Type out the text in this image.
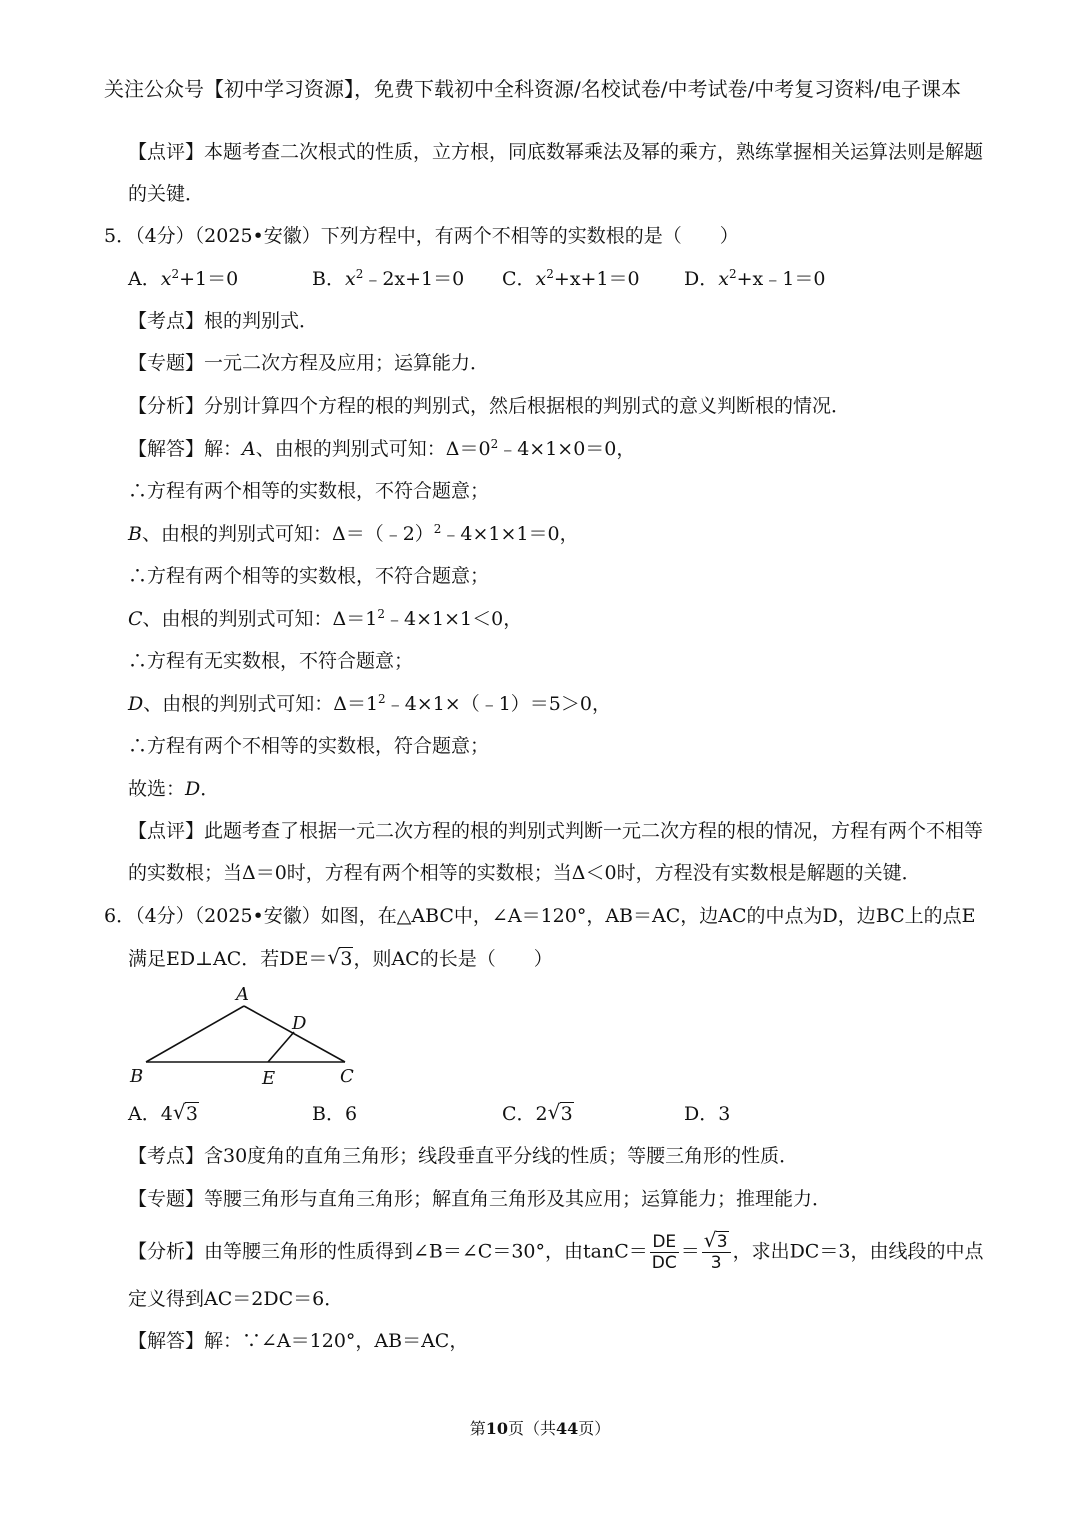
关注公众号【初中学习资源】，免费下载初中全科资源/名校试卷/中考试卷/中考复习资料/电子课本
【点评】本题考查二次根式的性质，立方根，同底数幂乘法及幂的乘方，熟练掌握相关运算法则是解题
的关键．
5．（4分）（2025•安徽）下列方程中，有两个不相等的实数根的是（　　）
A．$x^2+1=0$	B．$x^2﹣2x+1=0$ C．$x^2+x+1=0$ D．$x^2+x﹣1=0$
【考点】根的判别式．
【专题】一元二次方程及应用；运算能力．
【分析】分别计算四个方程的根的判别式，然后根据根的判别式的意义判断根的情况．
【解答】解：A、由根的判别式可知：$\Delta=0^2﹣4\times 1\times 0=0$，
∴方程有两个相等的实数根，不符合题意；
B、由根的判别式可知：Δ＝（﹣2）$^2$﹣4×1×1＝0，
∴方程有两个相等的实数根，不符合题意；
C、由根的判别式可知：$\Delta=1^2﹣4\times 1\times 1<0$，
∴方程有无实数根，不符合题意；
D、由根的判别式可知：$\Delta=1^2﹣4\times 1\times(﹣1)=5>0$，
∴方程有两个不相等的实数根，符合题意；
故选：D．
【点评】此题考查了根据一元二次方程的根的判别式判断一元二次方程的根的情况，方程有两个不相等
的实数根；当Δ＝0时，方程有两个相等的实数根；当Δ＜0时，方程没有实数根是解题的关键．
6．（4分）（2025•安徽）如图，在△ABC中，∠A＝120°，AB＝AC，边AC的中点为D，边BC上的点E
满足ED⊥AC．若DE＝ √ 3，则AC的长是（　　）
A
B	C
D
E
A．4 √ 3	B．6	C．2 √ 3	D．3
【考点】含30度角的直角三角形；线段垂直平分线的性质；等腰三角形的性质．
【专题】等腰三角形与直角三角形；解直角三角形及其应用；运算能力；推理能力．
【分析】由等腰三角形的性质得到∠B＝∠C＝30°，由$\tan C= \frac{DE}{DC} = \frac{√ 3}{3}$ ，求出DC＝3，由线段的中点
定义得到AC＝2DC＝6．
【解答】解：∵∠A＝120°，AB＝AC，
第10页（共44页）
